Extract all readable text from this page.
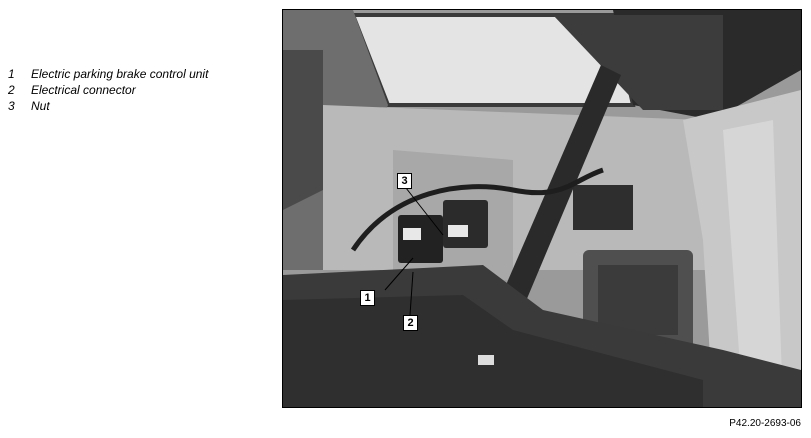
1	Electric parking brake control unit
2	Electrical connector
3	Nut
1
2
3
P42.20-2693-06
